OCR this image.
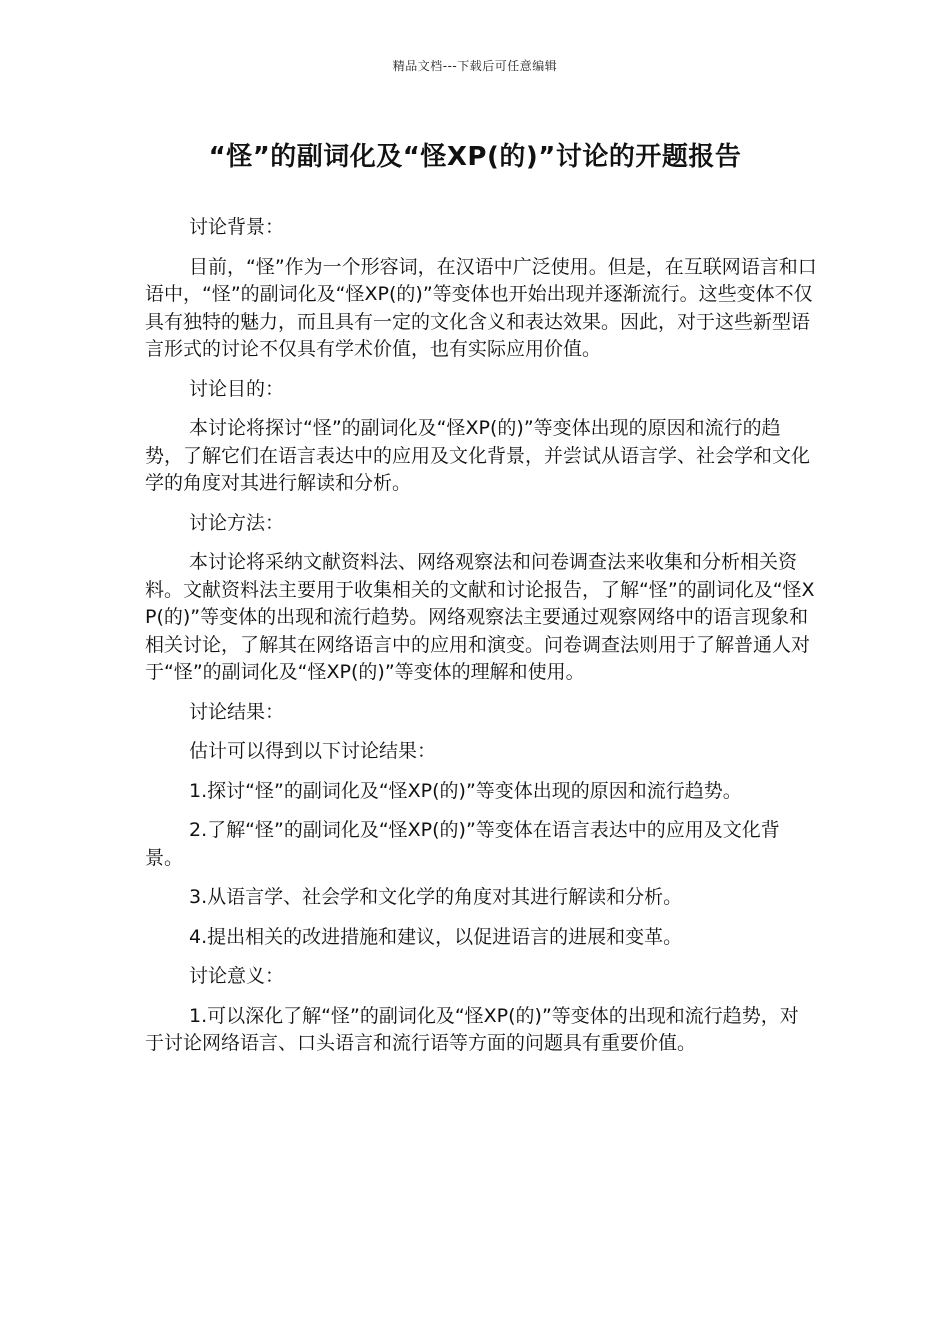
精品文档---下载后可任意编辑
“怪”的副词化及“怪XP(的)”讨论的开题报告

讨论背景：

目前，“怪”作为一个形容词，在汉语中广泛使用。但是，在互联网语言和口语中，“怪”的副词化及“怪XP(的)”等变体也开始出现并逐渐流行。这些变体不仅具有独特的魅力，而且具有一定的文化含义和表达效果。因此，对于这些新型语言形式的讨论不仅具有学术价值，也有实际应用价值。

讨论目的：

本讨论将探讨“怪”的副词化及“怪XP(的)”等变体出现的原因和流行的趋势，了解它们在语言表达中的应用及文化背景，并尝试从语言学、社会学和文化学的角度对其进行解读和分析。

讨论方法：

本讨论将采纳文献资料法、网络观察法和问卷调查法来收集和分析相关资料。文献资料法主要用于收集相关的文献和讨论报告，了解“怪”的副词化及“怪XP(的)”等变体的出现和流行趋势。网络观察法主要通过观察网络中的语言现象和相关讨论，了解其在网络语言中的应用和演变。问卷调查法则用于了解普通人对于“怪”的副词化及“怪XP(的)”等变体的理解和使用。

讨论结果：

估计可以得到以下讨论结果：

1.探讨“怪”的副词化及“怪XP(的)”等变体出现的原因和流行趋势。

2.了解“怪”的副词化及“怪XP(的)”等变体在语言表达中的应用及文化背景。

3.从语言学、社会学和文化学的角度对其进行解读和分析。

4.提出相关的改进措施和建议，以促进语言的进展和变革。

讨论意义：

1.可以深化了解“怪”的副词化及“怪XP(的)”等变体的出现和流行趋势，对于讨论网络语言、口头语言和流行语等方面的问题具有重要价值。
